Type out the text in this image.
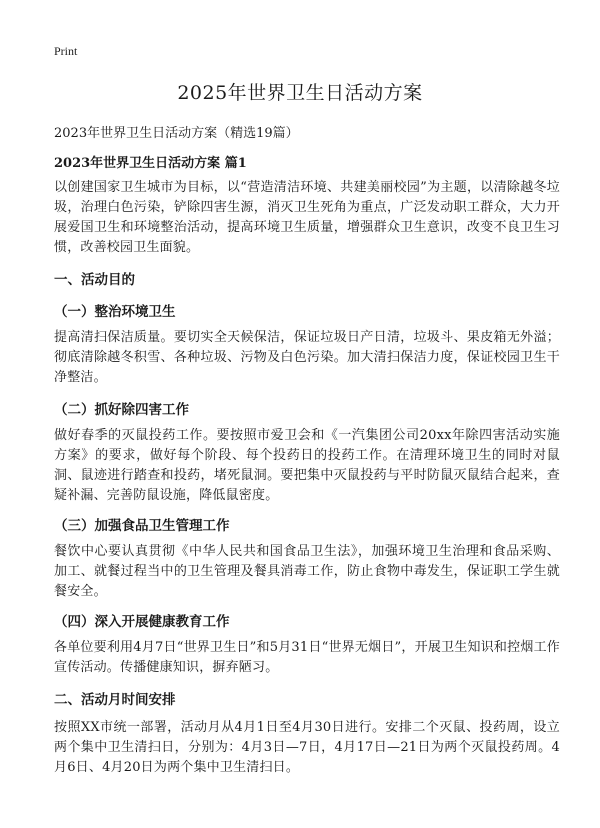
Print
2025年世界卫生日活动方案

2023年世界卫生日活动方案（精选19篇）

2023年世界卫生日活动方案 篇1

以创建国家卫生城市为目标，以“营造清洁环境、共建美丽校园”为主题，以清除越冬垃圾，治理白色污染，铲除四害生源，消灭卫生死角为重点，广泛发动职工群众，大力开展爱国卫生和环境整治活动，提高环境卫生质量，增强群众卫生意识，改变不良卫生习惯，改善校园卫生面貌。

一、活动目的

（一）整治环境卫生

提高清扫保洁质量。要切实全天候保洁，保证垃圾日产日清，垃圾斗、果皮箱无外溢；彻底清除越冬积雪、各种垃圾、污物及白色污染。加大清扫保洁力度，保证校园卫生干净整洁。

（二）抓好除四害工作

做好春季的灭鼠投药工作。要按照市爱卫会和《一汽集团公司20xx年除四害活动实施方案》的要求，做好每个阶段、每个投药日的投药工作。在清理环境卫生的同时对鼠洞、鼠迹进行踏查和投药，堵死鼠洞。要把集中灭鼠投药与平时防鼠灭鼠结合起来，查疑补漏、完善防鼠设施，降低鼠密度。

（三）加强食品卫生管理工作

餐饮中心要认真贯彻《中华人民共和国食品卫生法》，加强环境卫生治理和食品采购、加工、就餐过程当中的卫生管理及餐具消毒工作，防止食物中毒发生，保证职工学生就餐安全。

（四）深入开展健康教育工作

各单位要利用4月7日“世界卫生日”和5月31日“世界无烟日”，开展卫生知识和控烟工作宣传活动。传播健康知识，摒弃陋习。

二、活动月时间安排

按照XX市统一部署，活动月从4月1日至4月30日进行。安排二个灭鼠、投药周，设立两个集中卫生清扫日，分别为：4月3日—7日，4月17日—21日为两个灭鼠投药周。4月6日、4月20日为两个集中卫生清扫日。
